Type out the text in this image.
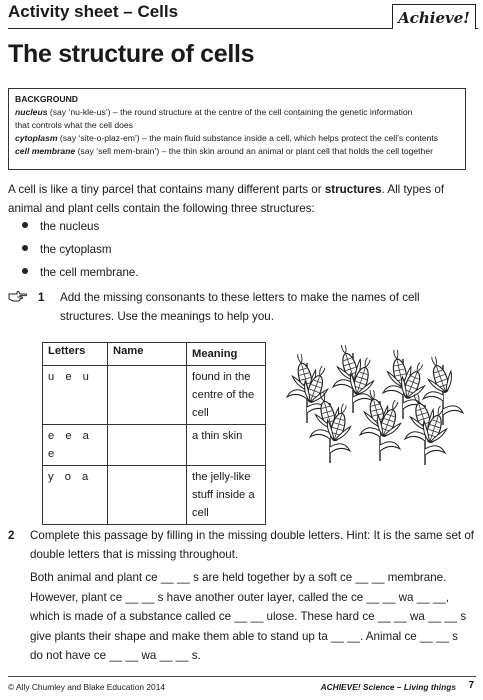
Activity sheet – Cells	Achieve!
The structure of cells
BACKGROUND
nucleus (say ‘nu-kle-us’) – the round structure at the centre of the cell containing the genetic information
that controls what the cell does
cytoplasm (say ‘site-o-plaz-em’) – the main fluid substance inside a cell, which helps protect the cell’s contents
cell membrane (say ‘sell mem-brain’) – the thin skin around an animal or plant cell that holds the cell together
A cell is like a tiny parcel that contains many different parts or structures. All types of animal and plant cells contain the following three structures:
the nucleus
the cytoplasm
the cell membrane.
1 Add the missing consonants to these letters to make the names of cell structures. Use the meanings to help you.
Letters	Name	Meaning
u e u		found in the centre of the cell
e e a e		a thin skin
y o a		the jelly-like stuff inside a cell
2 Complete this passage by filling in the missing double letters. Hint: It is the same set of double letters that is missing throughout.
Both animal and plant ce __ __ s are held together by a soft ce __ __ membrane. However, plant ce __ __ s have another outer layer, called the ce __ __ wa __ __, which is made of a substance called ce __ __ ulose. These hard ce __ __ wa __ __ s give plants their shape and make them able to stand up ta __ __. Animal ce __ __ s do not have ce __ __ wa __ __ s.
© Ally Chumley and Blake Education 2014	ACHIEVE! Science – Living things 7
